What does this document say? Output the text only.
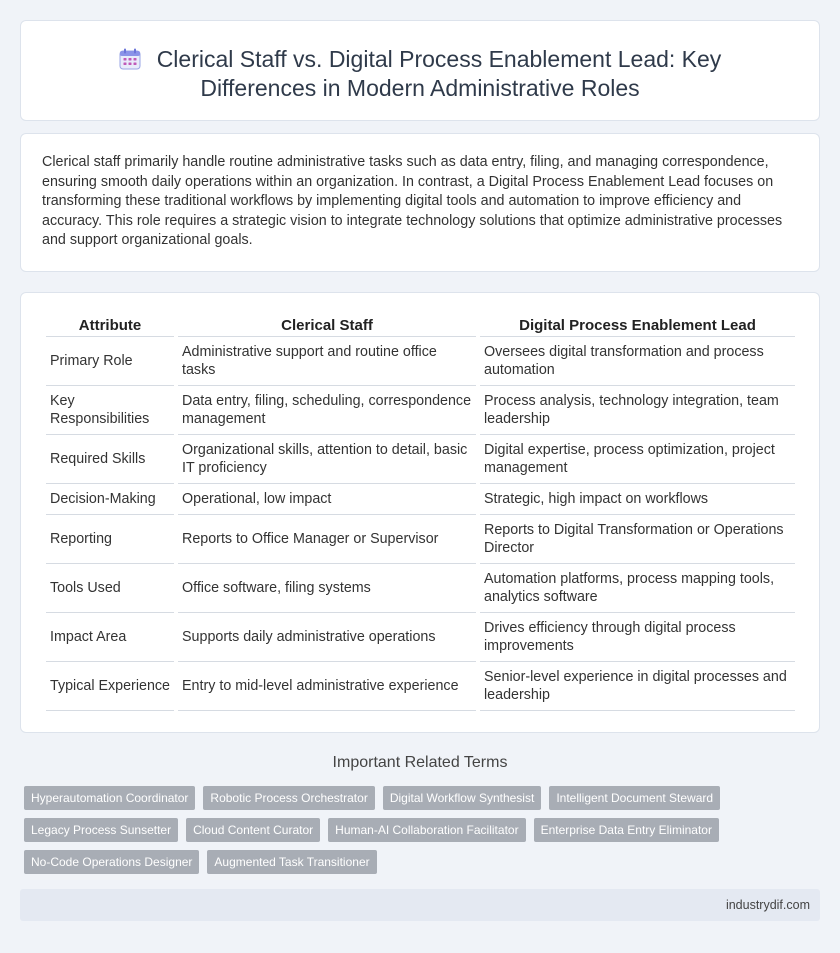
Clerical Staff vs. Digital Process Enablement Lead: Key Differences in Modern Administrative Roles

Clerical staff primarily handle routine administrative tasks such as data entry, filing, and managing correspondence, ensuring smooth daily operations within an organization. In contrast, a Digital Process Enablement Lead focuses on transforming these traditional workflows by implementing digital tools and automation to improve efficiency and accuracy. This role requires a strategic vision to integrate technology solutions that optimize administrative processes and support organizational goals.

Attribute	Clerical Staff	Digital Process Enablement Lead
Primary Role	Administrative support and routine office tasks	Oversees digital transformation and process automation
Key Responsibilities	Data entry, filing, scheduling, correspondence management	Process analysis, technology integration, team leadership
Required Skills	Organizational skills, attention to detail, basic IT proficiency	Digital expertise, process optimization, project management
Decision-Making	Operational, low impact	Strategic, high impact on workflows
Reporting	Reports to Office Manager or Supervisor	Reports to Digital Transformation or Operations Director
Tools Used	Office software, filing systems	Automation platforms, process mapping tools, analytics software
Impact Area	Supports daily administrative operations	Drives efficiency through digital process improvements
Typical Experience	Entry to mid-level administrative experience	Senior-level experience in digital processes and leadership
Important Related Terms
Hyperautomation Coordinator	Robotic Process Orchestrator	Digital Workflow Synthesist	Intelligent Document Steward
Legacy Process Sunsetter	Cloud Content Curator	Human-AI Collaboration Facilitator	Enterprise Data Entry Eliminator
No-Code Operations Designer	Augmented Task Transitioner
industrydif.com
